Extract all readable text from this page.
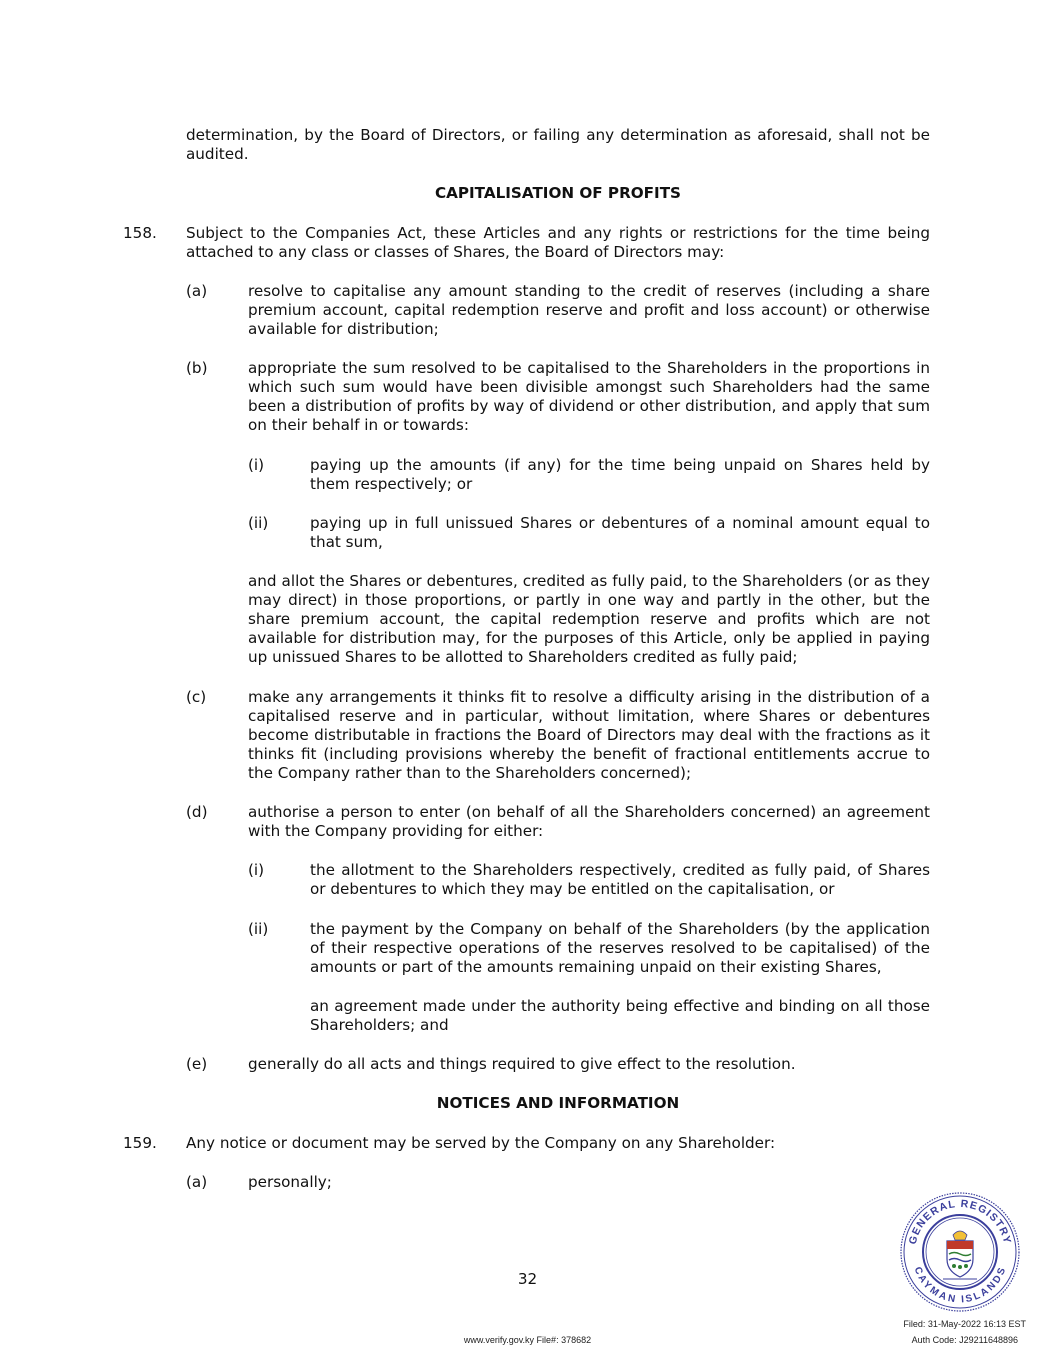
determination, by the Board of Directors, or failing any determination as aforesaid, shall not be audited.

CAPITALISATION OF PROFITS

158. Subject to the Companies Act, these Articles and any rights or restrictions for the time being attached to any class or classes of Shares, the Board of Directors may:

(a)	resolve to capitalise any amount standing to the credit of reserves (including a share premium account, capital redemption reserve and profit and loss account) or otherwise available for distribution;

(b)	appropriate the sum resolved to be capitalised to the Shareholders in the proportions in which such sum would have been divisible amongst such Shareholders had the same been a distribution of profits by way of dividend or other distribution, and apply that sum on their behalf in or towards:

(i)	paying up the amounts (if any) for the time being unpaid on Shares held by them respectively; or

(ii)	paying up in full unissued Shares or debentures of a nominal amount equal to that sum,

and allot the Shares or debentures, credited as fully paid, to the Shareholders (or as they may direct) in those proportions, or partly in one way and partly in the other, but the share premium account, the capital redemption reserve and profits which are not available for distribution may, for the purposes of this Article, only be applied in paying up unissued Shares to be allotted to Shareholders credited as fully paid;

(c)	make any arrangements it thinks fit to resolve a difficulty arising in the distribution of a capitalised reserve and in particular, without limitation, where Shares or debentures become distributable in fractions the Board of Directors may deal with the fractions as it thinks fit (including provisions whereby the benefit of fractional entitlements accrue to the Company rather than to the Shareholders concerned);

(d)	authorise a person to enter (on behalf of all the Shareholders concerned) an agreement with the Company providing for either:

(i)	the allotment to the Shareholders respectively, credited as fully paid, of Shares or debentures to which they may be entitled on the capitalisation, or

(ii)	the payment by the Company on behalf of the Shareholders (by the application of their respective operations of the reserves resolved to be capitalised) of the amounts or part of the amounts remaining unpaid on their existing Shares,

an agreement made under the authority being effective and binding on all those Shareholders; and

(e)	generally do all acts and things required to give effect to the resolution.

NOTICES AND INFORMATION

159. Any notice or document may be served by the Company on any Shareholder:

(a)	personally;

32

GENERAL REGISTRY
CAYMAN ISLANDS

www.verify.gov.ky File#: 378682

Filed: 31-May-2022 16:13 EST

Auth Code: J29211648896
